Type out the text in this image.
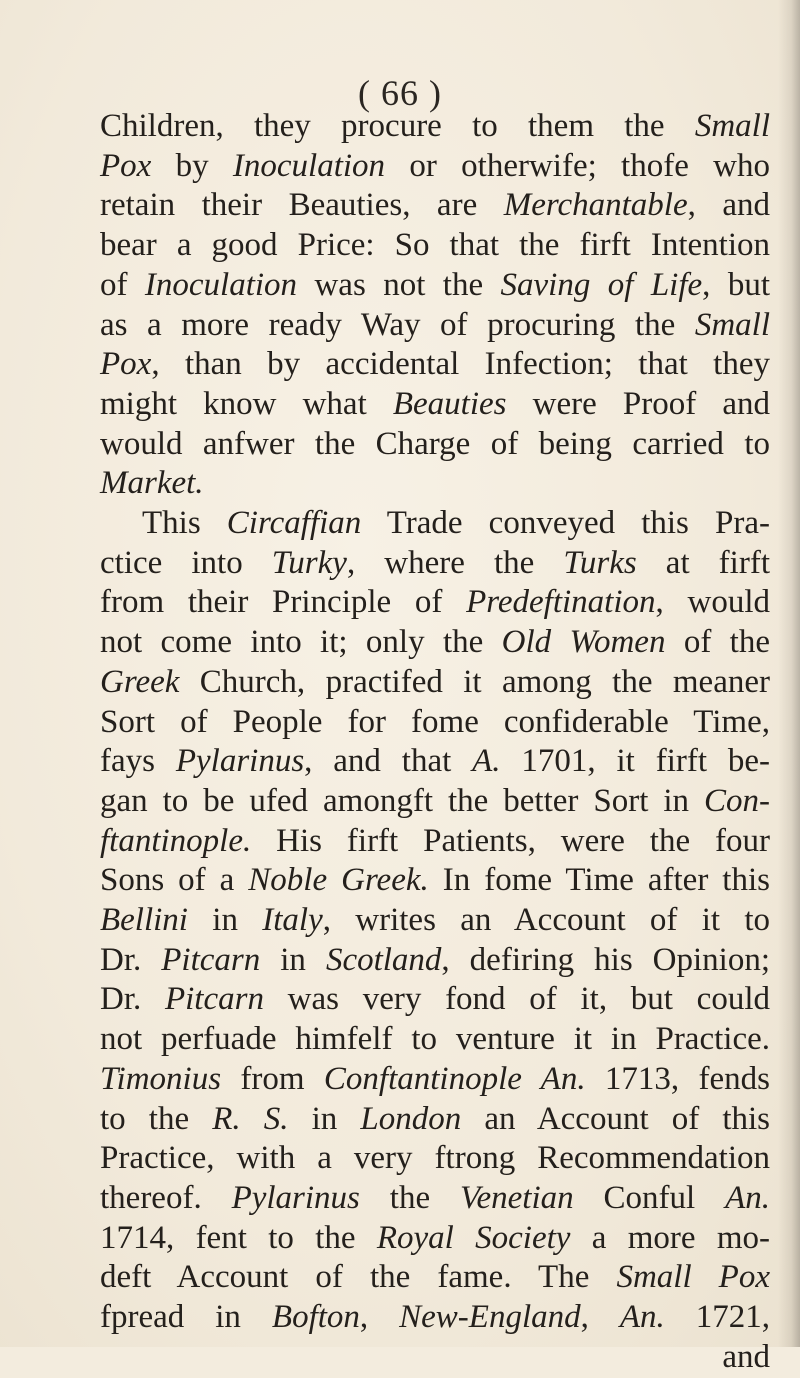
( 66 )
Children, they procure to them the Small
Pox by Inoculation or otherwife; thofe who
retain their Beauties, are Merchantable, and
bear a good Price: So that the firft Intention
of Inoculation was not the Saving of Life, but
as a more ready Way of procuring the Small
Pox, than by accidental Infection; that they
might know what Beauties were Proof and
would anfwer the Charge of being carried to
Market.
This Circaffian Trade conveyed this Pra-
ctice into Turky, where the Turks at firft
from their Principle of Predeftination, would
not come into it; only the Old Women of the
Greek Church, practifed it among the meaner
Sort of People for fome confiderable Time,
fays Pylarinus, and that A. 1701, it firft be-
gan to be ufed amongft the better Sort in Con-
ftantinople. His firft Patients, were the four
Sons of a Noble Greek. In fome Time after this
Bellini in Italy, writes an Account of it to
Dr. Pitcarn in Scotland, defiring his Opinion;
Dr. Pitcarn was very fond of it, but could
not perfuade himfelf to venture it in Practice.
Timonius from Conftantinople An. 1713, fends
to the R. S. in London an Account of this
Practice, with a very ftrong Recommendation
thereof. Pylarinus the Venetian Conful An.
1714, fent to the Royal Society a more mo-
deft Account of the fame. The Small Pox
fpread in Bofton, New-England, An. 1721,
and
